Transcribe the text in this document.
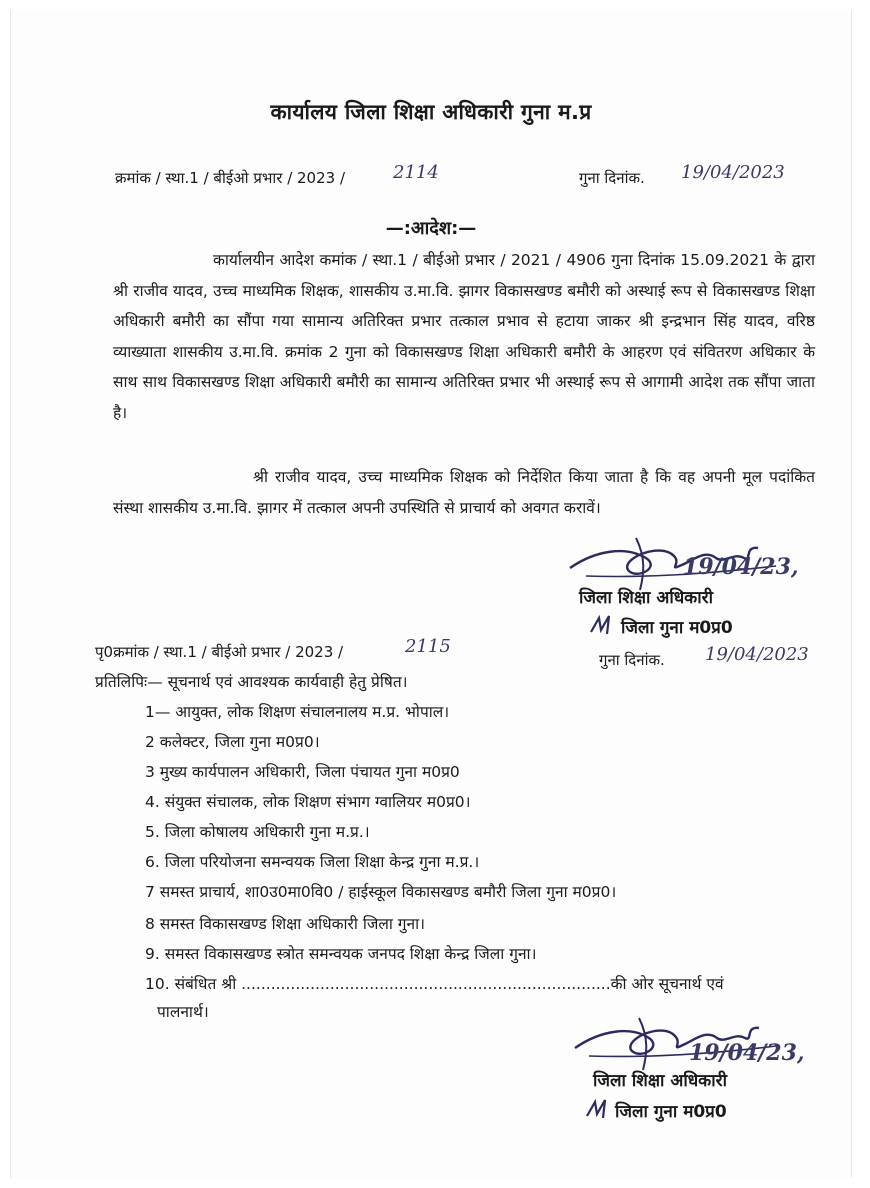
कार्यालय जिला शिक्षा अधिकारी गुना म.प्र
क्रमांक / स्था.1 / बीईओ प्रभार / 2023 /	2114	गुना दिनांक. 19/04/2023
—:आदेश:—
कार्यालयीन आदेश कमांक / स्था.1 / बीईओ प्रभार / 2021 / 4906 गुना दिनांक 15.09.2021 के द्वारा श्री राजीव यादव, उच्च माध्यमिक शिक्षक, शासकीय उ.मा.वि. झागर विकासखण्ड बमौरी को अस्थाई रूप से विकासखण्ड शिक्षा अधिकारी बमौरी का सौंपा गया सामान्य अतिरिक्त प्रभार तत्काल प्रभाव से हटाया जाकर श्री इन्द्रभान सिंह यादव, वरिष्ठ व्याख्याता शासकीय उ.मा.वि. क्रमांक 2 गुना को विकासखण्ड शिक्षा अधिकारी बमौरी के आहरण एवं संवितरण अधिकार के साथ साथ विकासखण्ड शिक्षा अधिकारी बमौरी का सामान्य अतिरिक्त प्रभार भी अस्थाई रूप से आगामी आदेश तक सौंपा जाता है।
श्री राजीव यादव, उच्च माध्यमिक शिक्षक को निर्देशित किया जाता है कि वह अपनी मूल पदांकित संस्था शासकीय उ.मा.वि. झागर में तत्काल अपनी उपस्थिति से प्राचार्य को अवगत करावें।
19/04/23,
जिला शिक्षा अधिकारी
जिला गुना म0प्र0
पृ0क्रमांक / स्था.1 / बीईओ प्रभार / 2023 /	2115
गुना दिनांक. 19/04/2023
प्रतिलिपिः— सूचनार्थ एवं आवश्यक कार्यवाही हेतु प्रेषित।
1— आयुक्त, लोक शिक्षण संचालनालय म.प्र. भोपाल।
2 कलेक्टर, जिला गुना म0प्र0।
3 मुख्य कार्यपालन अधिकारी, जिला पंचायत गुना म0प्र0
4. संयुक्त संचालक, लोक शिक्षण संभाग ग्वालियर म0प्र0।
5. जिला कोषालय अधिकारी गुना म.प्र.।
6. जिला परियोजना समन्वयक जिला शिक्षा केन्द्र गुना म.प्र.।
7 समस्त प्राचार्य, शा0उ0मा0वि0 / हाईस्कूल विकासखण्ड बमौरी जिला गुना म0प्र0।
8 समस्त विकासखण्ड शिक्षा अधिकारी जिला गुना।
9. समस्त विकासखण्ड स्त्रोत समन्वयक जनपद शिक्षा केन्द्र जिला गुना।
10. संबंधित श्री ...........................................................................की ओर सूचनार्थ एवं
पालनार्थ।
19/04/23,
जिला शिक्षा अधिकारी
जिला गुना म0प्र0
